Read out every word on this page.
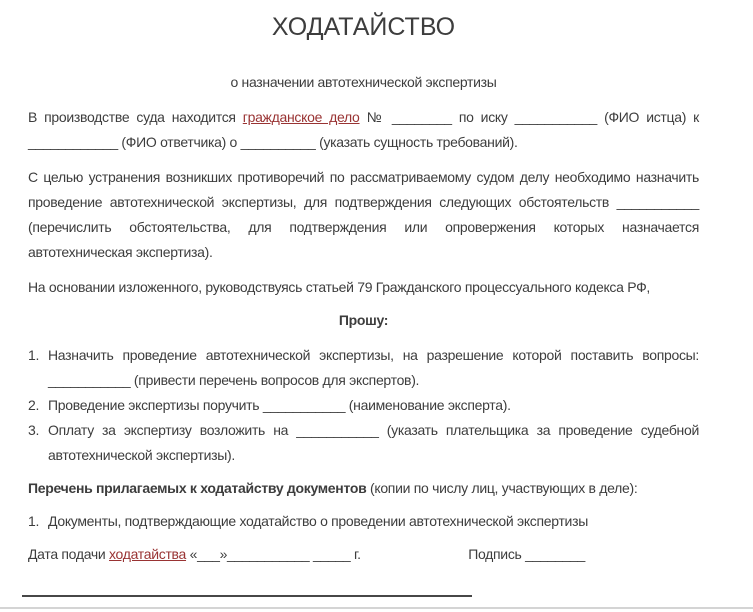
ХОДАТАЙСТВО
о назначении автотехнической экспертизы

В производстве суда находится гражданское дело № ________ по иску ___________ (ФИО истца) к ____________ (ФИО ответчика) о __________ (указать сущность требований).

С целью устранения возникших противоречий по рассматриваемому судом делу необходимо назначить проведение автотехнической экспертизы, для подтверждения следующих обстоятельств ___________ (перечислить обстоятельства, для подтверждения или опровержения которых назначается автотехническая экспертиза).

На основании изложенного, руководствуясь статьей 79 Гражданского процессуального кодекса РФ,

Прошу:
1. Назначить проведение автотехнической экспертизы, на разрешение которой поставить вопросы: ___________ (привести перечень вопросов для экспертов).
2. Проведение экспертизы поручить ___________ (наименование эксперта).
3. Оплату за экспертизу возложить на ___________ (указать плательщика за проведение судебной автотехнической экспертизы).

Перечень прилагаемых к ходатайству документов (копии по числу лиц, участвующих в деле):

1. Документы, подтверждающие ходатайство о проведении автотехнической экспертизы
Дата подачи ходатайства «___»___________ _____ г.	Подпись ________
